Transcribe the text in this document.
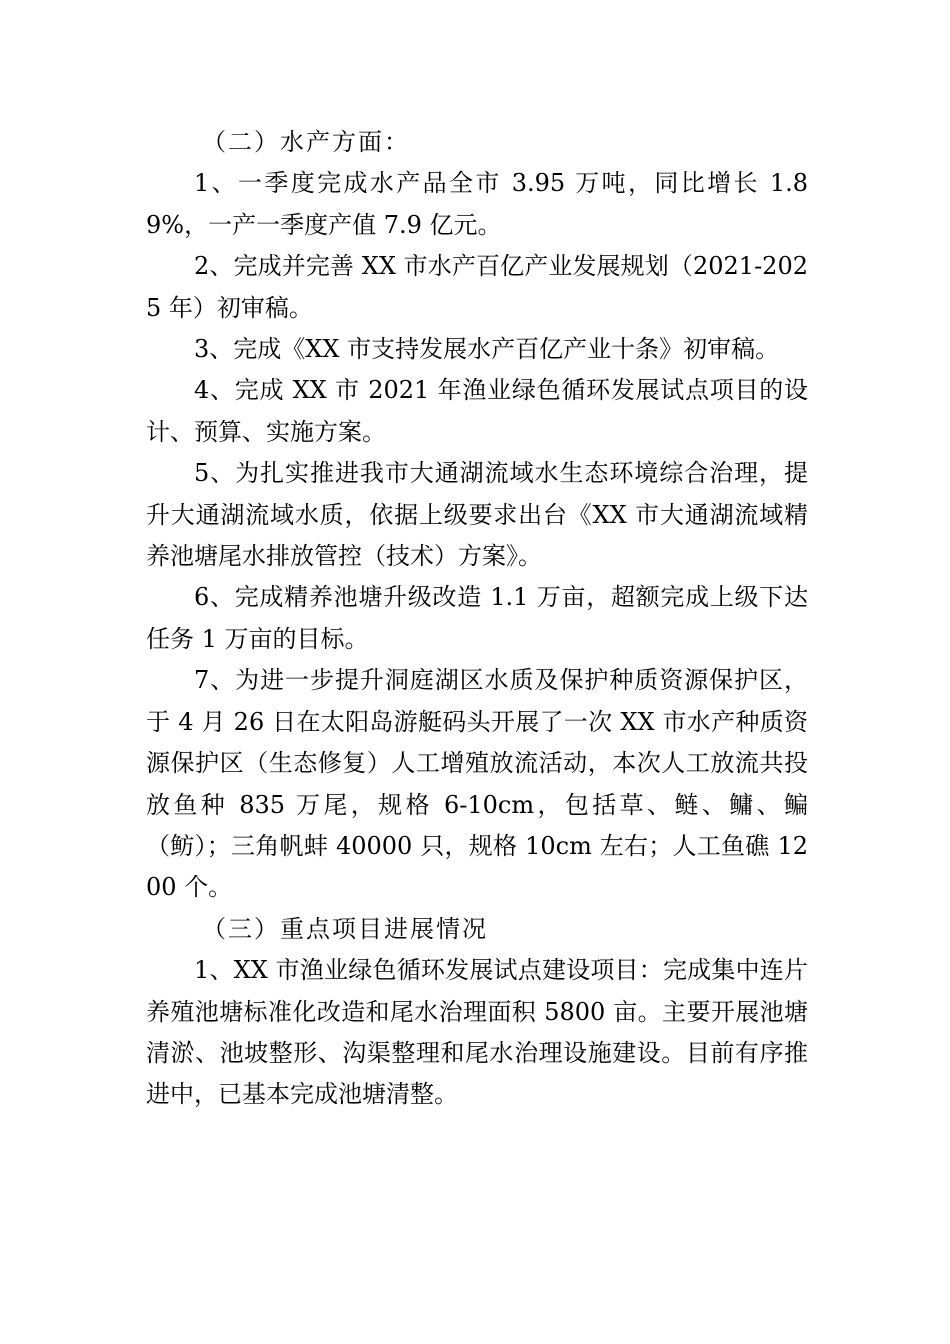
（二）水产方面：

1、一季度完成水产品全市 3.95 万吨，同比增长 1.89%，一产一季度产值 7.9 亿元。

2、完成并完善 XX 市水产百亿产业发展规划（2021-2025 年）初审稿。

3、完成《XX 市支持发展水产百亿产业十条》初审稿。

4、完成 XX 市 2021 年渔业绿色循环发展试点项目的设计、预算、实施方案。

5、为扎实推进我市大通湖流域水生态环境综合治理，提升大通湖流域水质，依据上级要求出台《XX 市大通湖流域精养池塘尾水排放管控（技术）方案》。

6、完成精养池塘升级改造 1.1 万亩，超额完成上级下达任务 1 万亩的目标。

7、为进一步提升洞庭湖区水质及保护种质资源保护区，于 4 月 26 日在太阳岛游艇码头开展了一次 XX 市水产种质资源保护区（生态修复）人工增殖放流活动，本次人工放流共投放鱼种 835 万尾，规格 6-10cm，包括草、鲢、鳙、鳊（鲂）；三角帆蚌 40000 只，规格 10cm 左右；人工鱼礁 1200 个。

（三）重点项目进展情况

1、XX 市渔业绿色循环发展试点建设项目：完成集中连片养殖池塘标准化改造和尾水治理面积 5800 亩。主要开展池塘清淤、池坡整形、沟渠整理和尾水治理设施建设。目前有序推进中，已基本完成池塘清整。
